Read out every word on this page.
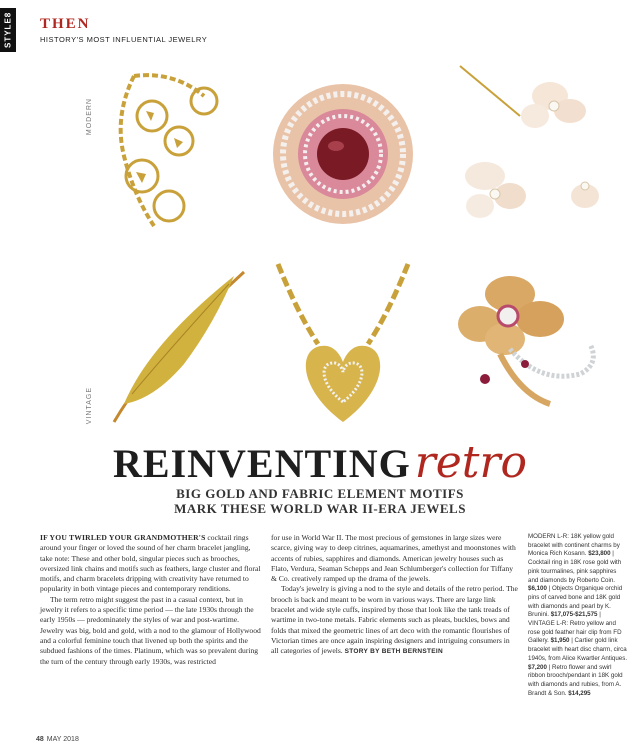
STYLE8 THEN
HISTORY'S MOST INFLUENTIAL JEWELRY
MODERN
VINTAGE
REINVENTINGretro
BIG GOLD AND FABRIC ELEMENT MOTIFS
MARK THESE WORLD WAR II-ERA JEWELS

IF YOU TWIRLED YOUR GRANDMOTHER'S cocktail rings around your finger or loved the sound of her charm bracelet jangling, take note: These and other bold, singular pieces such as brooches, oversized link chains and motifs such as feathers, large cluster and floral motifs, and charm bracelets dripping with creativity have returned to popularity in both vintage pieces and contemporary renditions.

The term retro might suggest the past in a casual context, but in jewelry it refers to a specific time period — the late 1930s through the early 1950s — predominately the styles of war and post-wartime. Jewelry was big, bold and gold, with a nod to the glamour of Hollywood and a colorful feminine touch that livened up both the spirits and the subdued fashions of the times. Platinum, which was so prevalent during the turn of the century through early 1930s, was restricted

for use in World War II. The most precious of gemstones in large sizes were scarce, giving way to deep citrines, aquamarines, amethyst and moonstones with accents of rubies, sapphires and diamonds. American jewelry houses such as Flato, Verdura, Seaman Schepps and Jean Schlumberger's collection for Tiffany & Co. creatively ramped up the drama of the jewels.

Today's jewelry is giving a nod to the style and details of the retro period. The brooch is back and meant to be worn in various ways. There are large link bracelet and wide style cuffs, inspired by those that look like the tank treads of wartime in two-tone metals. Fabric elements such as pleats, buckles, bows and folds that mixed the geometric lines of art deco with the romantic flourishes of Victorian times are once again inspiring designers and intriguing consumers in all categories of jewels. STORY BY BETH BERNSTEIN

MODERN L-R: 18K yellow gold bracelet with continent charms by Monica Rich Kosann. $23,800 | Cocktail ring in 18K rose gold with pink tourmalines, pink sapphires and diamonds by Roberto Coin. $6,100 | Objects Organique orchid pins of carved bone and 18K gold with diamonds and pearl by K. Brunini. $17,075-$21,575 | VINTAGE L-R: Retro yellow and rose gold feather hair clip from FD Gallery. $1,950 | Cartier gold link bracelet with heart disc charm, circa 1940s, from Alice Kwartler Antiques. $7,200 | Retro flower and swirl ribbon brooch/pendant in 18K gold with diamonds and rubies, from A. Brandt & Son. $14,295
48 MAY 2018
